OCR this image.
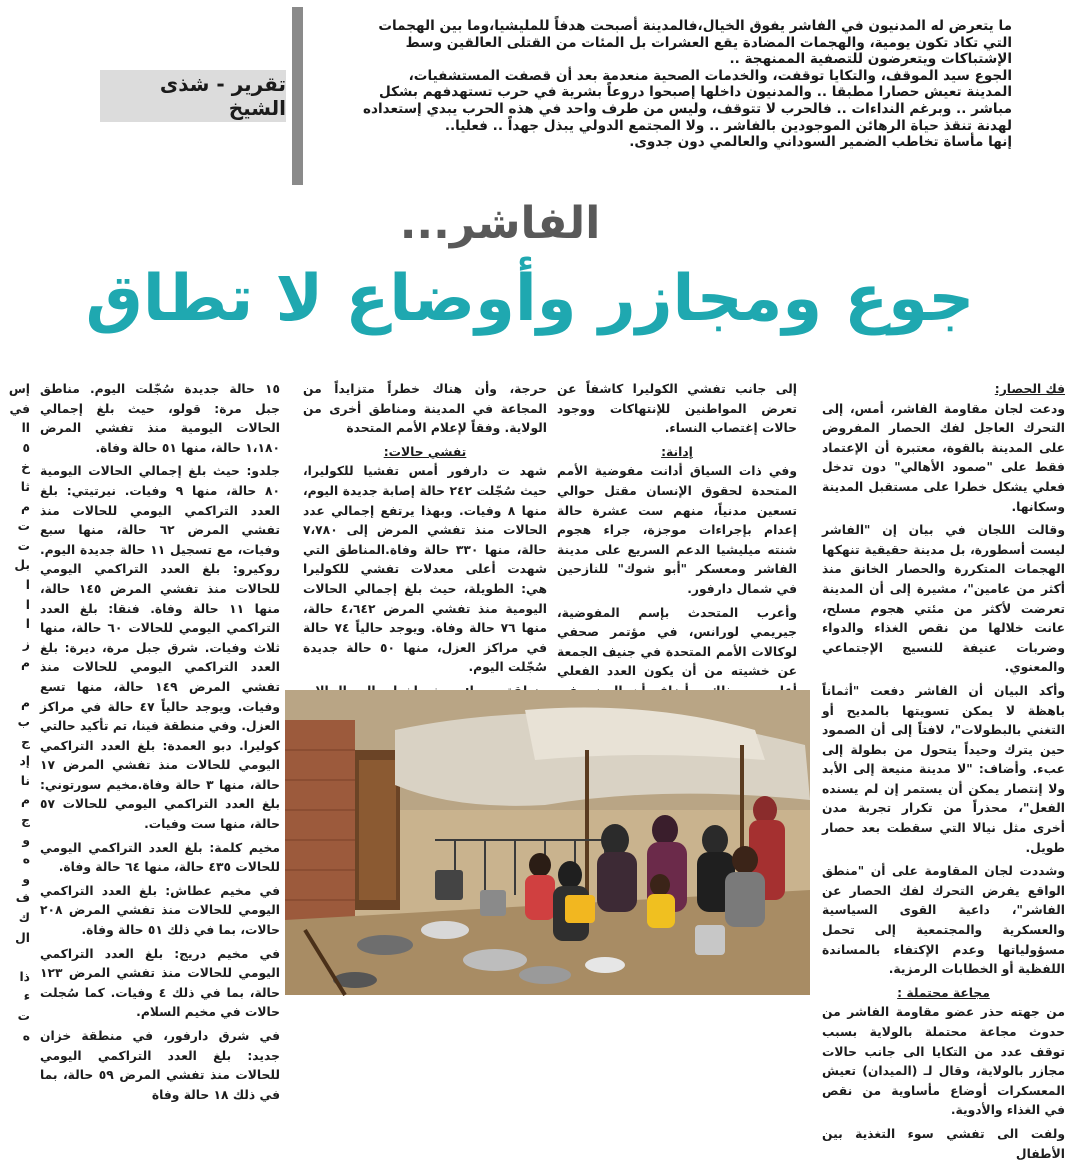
ما يتعرض له المدنيون في الفاشر يفوق الخيال،فالمدينة أصبحت هدفاً للمليشيا،وما بين الهجمات

التي تكاد تكون يومية، والهجمات المضادة يقع العشرات بل المئات من القتلى العالقين وسط

الإشتباكات ويتعرضون للتصفية الممنهجة ..

الجوع سيد الموقف، والتكايا توقفت، والخدمات الصحية منعدمة بعد أن قصفت المستشفيات،

المدينة تعيش حصارا مطبقا .. والمدنيون داخلها إصبحوا دروعاً بشرية في حرب تستهدفهم بشكل

مباشر .. وبرغم النداءات .. فالحرب لا تتوقف، وليس من طرف واحد في هذه الحرب يبدي إستعداده

لهدنة تنقذ حياة الرهائن الموجودين بالفاشر .. ولا المجتمع الدولي يبذل جهداً .. فعليا..

إنها مأساة تخاطب الضمير السوداني والعالمي دون جدوى.

تقرير - شذى الشيخ
الفاشر...
جوع ومجازر وأوضاع لا تطاق
فك الحصار:

ودعت لجان مقاومة الفاشر، أمس، إلى التحرك العاجل لفك الحصار المفروض على المدينة بالقوة، معتبرة أن الإعتماد فقط على "صمود الأهالي" دون تدخل فعلي يشكل خطرا على مستقبل المدينة وسكانها.

وقالت اللجان في بيان إن "الفاشر ليست أسطورة، بل مدينة حقيقية تنهكها الهجمات المتكررة والحصار الخانق منذ أكثر من عامين"، مشيرة إلى أن المدينة تعرضت لأكثر من مئتي هجوم مسلح، عانت خلالها من نقص الغذاء والدواء وضربات عنيفة للنسيج الإجتماعي والمعنوي.

وأكد البيان أن الفاشر دفعت "أثماناً باهظة لا يمكن تسويتها بالمديح أو التغني بالبطولات"، لافتاً إلى أن الصمود حين يترك وحيداً يتحول من بطولة إلى عبء. وأضاف: "لا مدينة منيعة إلى الأبد ولا إنتصار يمكن أن يستمر إن لم يسنده الفعل"، محذراً من تكرار تجربة مدن أخرى مثل نيالا التي سقطت بعد حصار طويل.

وشددت لجان المقاومة على أن "منطق الواقع يفرض التحرك لفك الحصار عن الفاشر"، داعية القوى السياسية والعسكرية والمجتمعية إلى تحمل مسؤولياتها وعدم الإكتفاء بالمساندة اللفظية أو الخطابات الرمزية.

مجاعة محتملة :

من جهته حذر عضو مقاومة الفاشر من حدوث مجاعة محتملة بالولاية بسبب توقف عدد من التكايا الى جانب حالات مجازر بالولاية، وقال لـ (الميدان) تعيش المعسكرات أوضاع مأساوية من نقص في الغذاء والأدوية.

ولفت الى تفشي سوء التغذية بين الأطفال

إلى جانب تفشي الكوليرا كاشفاً عن تعرض المواطنين للإنتهاكات ووجود حالات إغتصاب النساء.

إدانة:

وفي ذات السياق أدانت مفوضية الأمم المتحدة لحقوق الإنسان مقتل حوالي تسعين مدنياً، منهم ست عشرة حالة إعدام بإجراءات موجزة، جراء هجوم شنته ميليشيا الدعم السريع على مدينة الفاشر ومعسكر "أبو شوك" للنازحين في شمال دارفور.

وأعرب المتحدث بإسم المفوضية، جيريمي لورانس، في مؤتمر صحفي لوكالات الأمم المتحدة في جنيف الجمعة عن خشيته من أن يكون العدد الفعلي

حرجة، وأن هناك خطراً متزايداً من المجاعة في المدينة ومناطق أخرى من الولاية. وفقاً لإعلام الأمم المتحدة

تفشي حالات:

شهد ت دارفور أمس تفشيا للكوليرا، حيث سُجّلت ٢٤٢ حالة إصابة جديدة اليوم، منها ٨ وفيات. وبهذا يرتفع إجمالي عدد الحالات منذ تفشي المرض إلى ٧،٧٨٠ حالة، منها ٣٣٠ حالة وفاة.المناطق التي شهدت أعلى معدلات تفشي للكوليرا هي: الطويلة، حيث بلغ إجمالي الحالات اليومية منذ تفشي المرض ٤،٦٤٢ حالة، منها ٧٦ حالة وفاة. ويوجد حالياً ٧٤ حالة في مراكز العزل، منها ٥٠ حالة جديدة سُجّلت اليوم.

١٥ حالة جديدة سُجّلت اليوم. مناطق جبل مرة: قولو، حيث بلغ إجمالي الحالات اليومية منذ تفشي المرض ١،١٨٠ حالة، منها ٥١ حالة وفاة.

جلدو: حيث بلغ إجمالي الحالات اليومية ٨٠ حالة، منها ٩ وفيات. نيرتيتي: بلغ العدد التراكمي اليومي للحالات منذ تفشي المرض ٦٢ حالة، منها سبع وفيات، مع تسجيل ١١ حالة جديدة اليوم. روكيرو: بلغ العدد التراكمي اليومي للحالات منذ تفشي المرض ١٤٥ حالة، منها ١١ حالة وفاة. فنقا: بلغ العدد التراكمي اليومي للحالات ٦٠ حالة، منها ثلاث وفيات. شرق جبل مرة، ديرة: بلغ العدد التراكمي اليومي للحالات منذ تفشي المرض ١٤٩ حالة، منها تسع وفيات. ويوجد حالياً ٤٧ حالة في مراكز العزل. وفي منطقة فينا، تم تأكيد حالتي كوليرا. دبو العمدة: بلغ العدد التراكمي اليومي للحالات منذ تفشي المرض ١٧ حالة، منها ٣ حالة وفاة.مخيم سورتوني: بلغ العدد التراكمي اليومي للحالات ٥٧ حالة، منها ست وفيات.

مخيم كلمة: بلغ العدد التراكمي اليومي للحالات ٤٣٥ حالة، منها ٦٤ حالة وفاة.

في مخيم عطاش: بلغ العدد التراكمي اليومي للحالات منذ تفشي المرض ٢٠٨ حالات، بما في ذلك ٥١ حالة وفاة.

في مخيم دريج: بلغ العدد التراكمي اليومي للحالات منذ تفشي المرض ١٢٣ حالة، بما في ذلك ٤ وفيات. كما سُجلت حالات في مخيم السلام.

في شرق دارفور، في منطقة خزان جديد: بلغ العدد التراكمي اليومي للحالات منذ تفشي المرض ٥٩ حالة، بما في ذلك ١٨ حالة وفاة

إس
في
اا
٥
خ
ثا
م
ت
ت
بل
ا
ا
ا
ز
م
م
ب
ج
إد
نا
م
ج
و
ه
و
ف
ك
ال
ذا
ء
ت
ه
